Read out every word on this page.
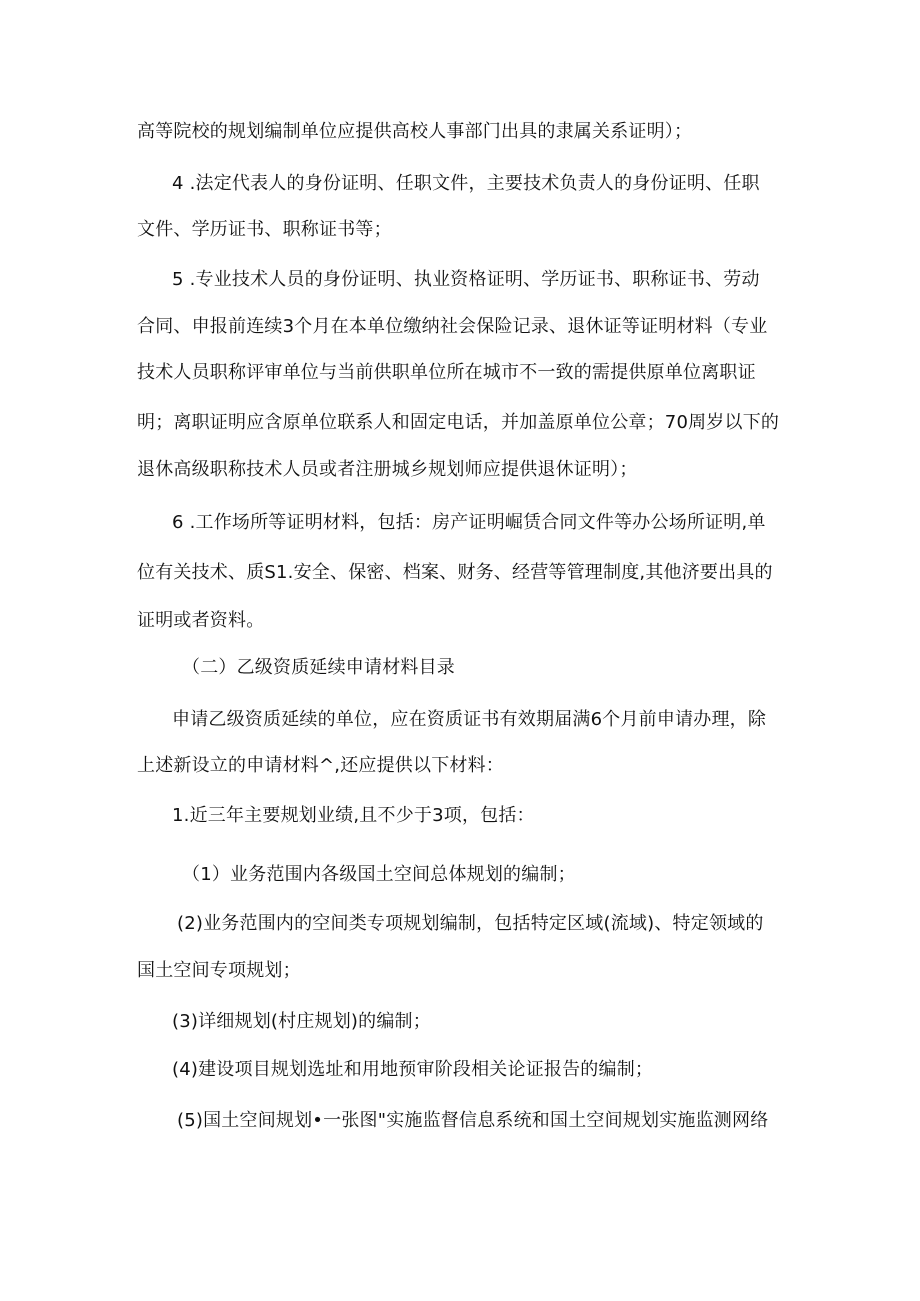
高等院校的规划编制单位应提供高校人事部门出具的隶属关系证明）；
4 .法定代表人的身份证明、任职文件，主要技术负责人的身份证明、任职
文件、学历证书、职称证书等；
5 .专业技术人员的身份证明、执业资格证明、学历证书、职称证书、劳动
合同、申报前连续3个月在本单位缴纳社会保险记录、退休证等证明材料（专业
技术人员职称评审单位与当前供职单位所在城市不一致的需提供原单位离职证
明；离职证明应含原单位联系人和固定电话，并加盖原单位公章；70周岁以下的
退休高级职称技术人员或者注册城乡规划师应提供退休证明）；
6 .工作场所等证明材料，包括：房产证明崛赁合同文件等办公场所证明,单
位有关技术、质S1.安全、保密、档案、财务、经营等管理制度,其他济要出具的
证明或者资料。
（二）乙级资质延续申请材料目录
申请乙级资质延续的单位，应在资质证书有效期届满6个月前申请办理，除
上述新设立的申请材料^,还应提供以下材料：
1.近三年主要规划业绩,且不少于3项，包括：
（1）业务范围内各级国土空间总体规划的编制；
(2)业务范围内的空间类专项规划编制，包括特定区域(流域)、特定领域的
国土空间专项规划；
(3)详细规划(村庄规划)的编制；
(4)建设项目规划选址和用地预审阶段相关论证报告的编制；
(5)国土空间规划•一张图"实施监督信息系统和国土空间规划实施监测网络
